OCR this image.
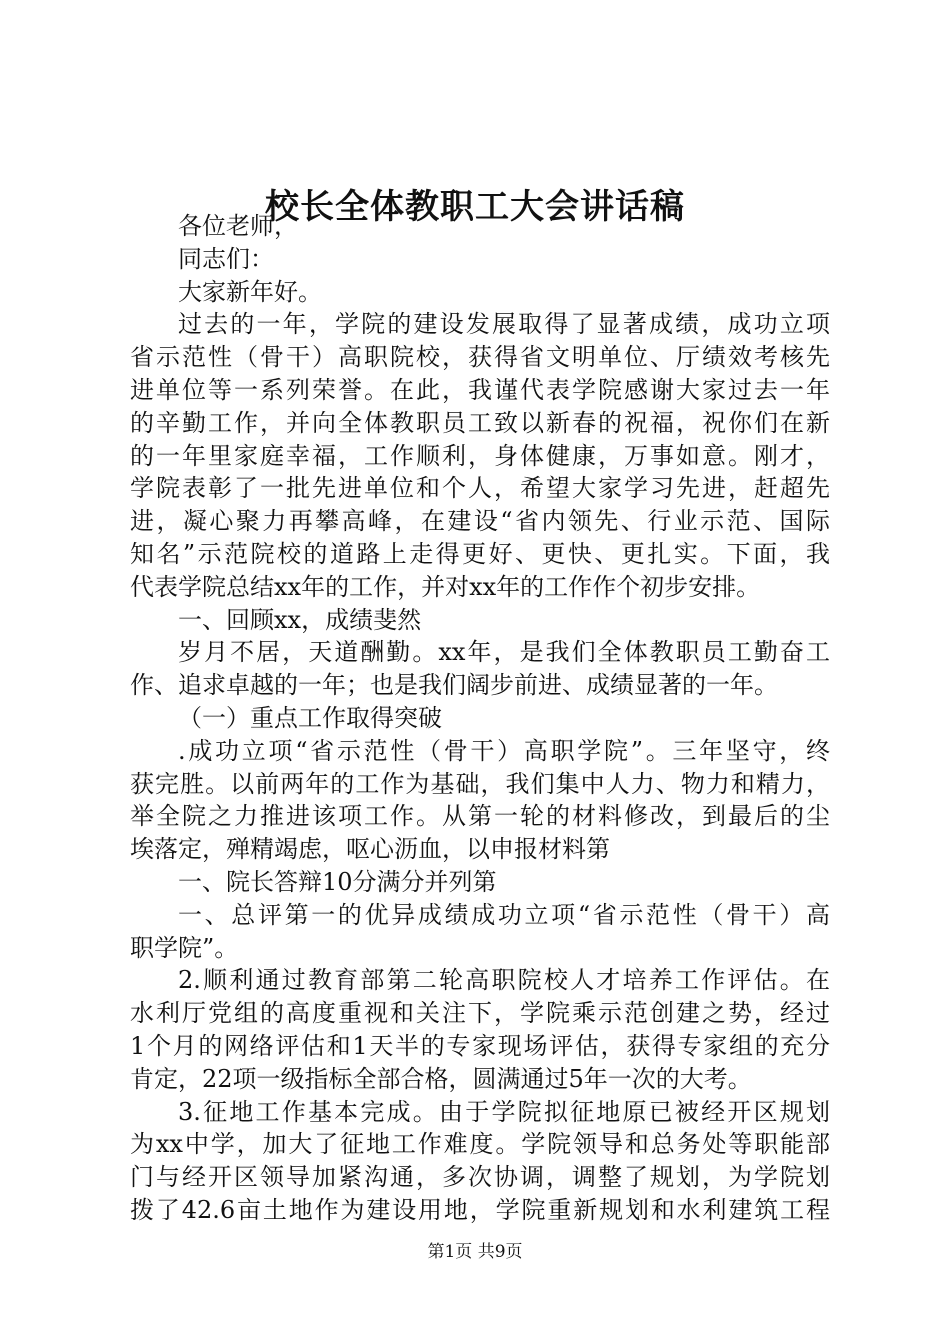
校长全体教职工大会讲话稿
各位老师，
同志们：
大家新年好。
过去的一年，学院的建设发展取得了显著成绩，成功立项
省示范性（骨干）高职院校，获得省文明单位、厅绩效考核先
进单位等一系列荣誉。在此，我谨代表学院感谢大家过去一年
的辛勤工作，并向全体教职员工致以新春的祝福，祝你们在新
的一年里家庭幸福，工作顺利，身体健康，万事如意。刚才，
学院表彰了一批先进单位和个人，希望大家学习先进，赶超先
进，凝心聚力再攀高峰，在建设“省内领先、行业示范、国际
知名”示范院校的道路上走得更好、更快、更扎实。下面，我
代表学院总结xx年的工作，并对xx年的工作作个初步安排。
一、回顾xx，成绩斐然
岁月不居，天道酬勤。xx年，是我们全体教职员工勤奋工
作、追求卓越的一年；也是我们阔步前进、成绩显著的一年。
（一）重点工作取得突破
.成功立项“省示范性（骨干）高职学院”。三年坚守，终
获完胜。以前两年的工作为基础，我们集中人力、物力和精力，
举全院之力推进该项工作。从第一轮的材料修改，到最后的尘
埃落定，殚精竭虑，呕心沥血，以申报材料第
一、院长答辩10分满分并列第
一、总评第一的优异成绩成功立项“省示范性（骨干）高
职学院”。
2.顺利通过教育部第二轮高职院校人才培养工作评估。在
水利厅党组的高度重视和关注下，学院乘示范创建之势，经过
1个月的网络评估和1天半的专家现场评估，获得专家组的充分
肯定，22项一级指标全部合格，圆满通过5年一次的大考。
3.征地工作基本完成。由于学院拟征地原已被经开区规划
为xx中学，加大了征地工作难度。学院领导和总务处等职能部
门与经开区领导加紧沟通，多次协调，调整了规划，为学院划
拨了42.6亩土地作为建设用地，学院重新规划和水利建筑工程
第1页 共9页
